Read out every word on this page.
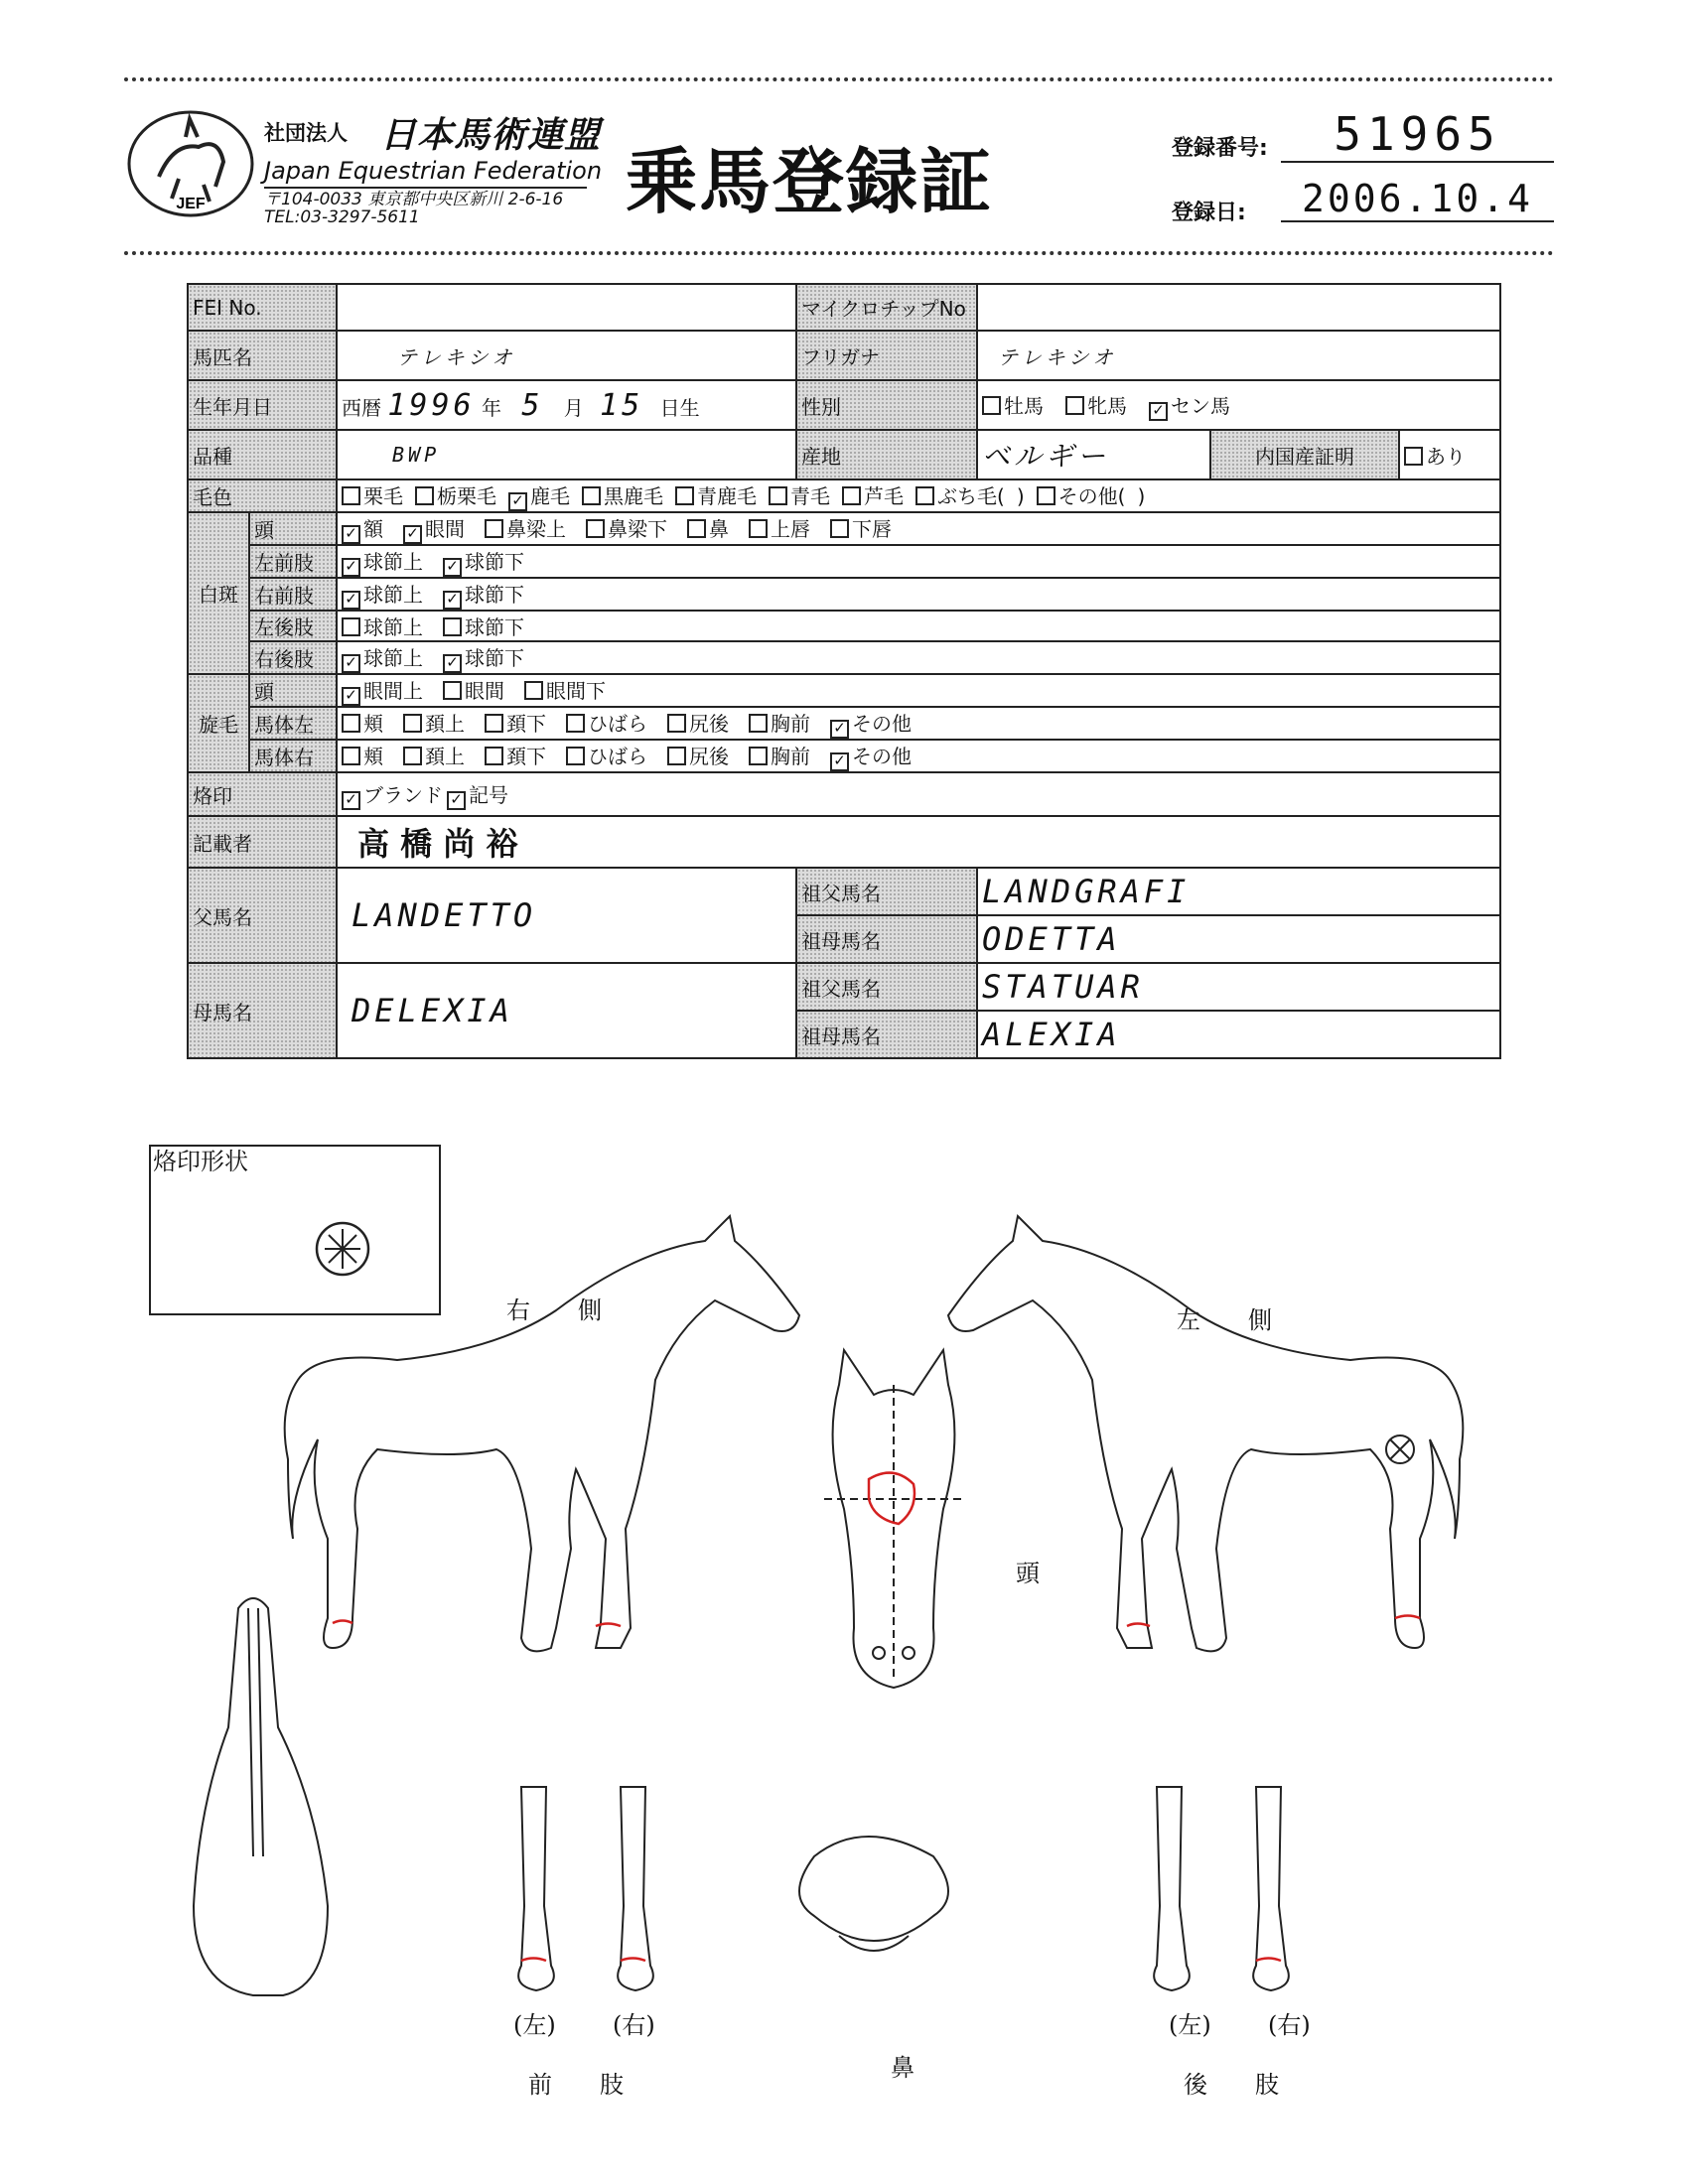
JEF
社団法人 日本馬術連盟
Japan Equestrian Federation
〒104-0033 東京都中央区新川 2-6-16
TEL:03-3297-5611	乗馬登録証	登録番号:	51965
登録日:	2006.10.4
FEI No.			マイクロチップNo			
馬匹名		テレキシオ	フリガナ	テレキシオ		
生年月日		西暦 1996 年 5 月 15 日生	性別	牡馬 牝馬 ✓ セン馬		
品種		BWP	産地	ベルギー	内国産証明	あり
毛色		栗毛 栃栗毛 ✓ 鹿毛 黒鹿毛 青鹿毛 青毛 芦毛 ぶち毛( ) その他( )				
白斑	頭	✓ 額 ✓ 眼間 鼻梁上 鼻梁下 鼻 上唇 下唇				
	左前肢	✓ 球節上 ✓ 球節下				
	右前肢	✓ 球節上 ✓ 球節下				
	左後肢	球節上 球節下				
	右後肢	✓ 球節上 ✓ 球節下				
旋毛	頭	✓ 眼間上 眼間 眼間下				
	馬体左	頬 頚上 頚下 ひばら 尻後 胸前 ✓ その他				
	馬体右	頬 頚上 頚下 ひばら 尻後 胸前 ✓ その他				
烙印		✓ ブランド ✓ 記号				
記載者		高 橋 尚 裕				
父馬名		LANDETTO	祖父馬名	LANDGRAFI		
			祖母馬名	ODETTA		
母馬名		DELEXIA	祖父馬名	STATUAR		
			祖母馬名	ALEXIA		
烙印形状
右　　側	左　　側
頭
鼻
(左) (右)
前　　肢
(左) (右)
後　　肢
